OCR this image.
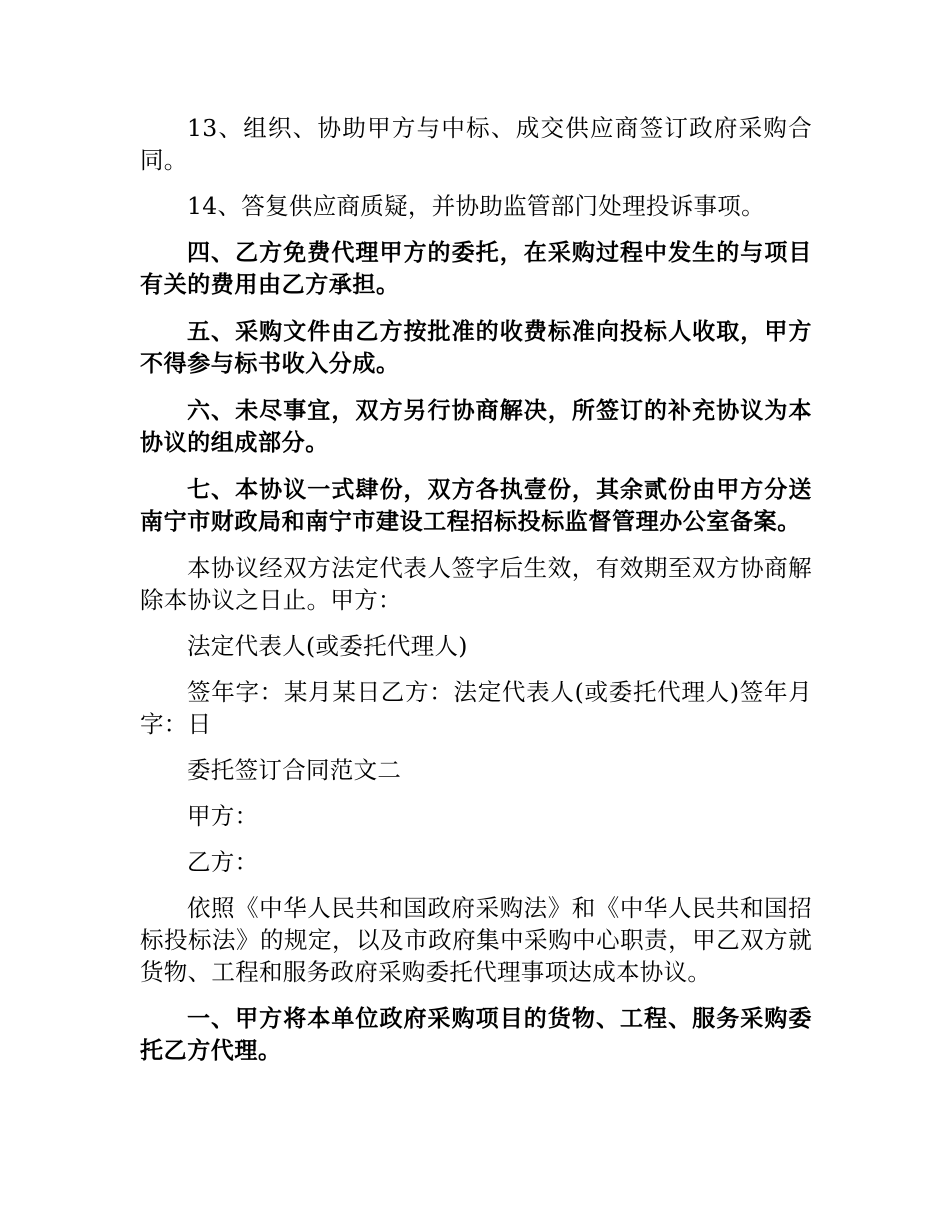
13、组织、协助甲方与中标、成交供应商签订政府采购合同。

14、答复供应商质疑，并协助监管部门处理投诉事项。

四、乙方免费代理甲方的委托，在采购过程中发生的与项目有关的费用由乙方承担。

五、采购文件由乙方按批准的收费标准向投标人收取，甲方不得参与标书收入分成。

六、未尽事宜，双方另行协商解决，所签订的补充协议为本协议的组成部分。

七、本协议一式肆份，双方各执壹份，其余贰份由甲方分送南宁市财政局和南宁市建设工程招标投标监督管理办公室备案。

本协议经双方法定代表人签字后生效，有效期至双方协商解除本协议之日止。甲方：

法定代表人(或委托代理人)

签年字：某月某日乙方：法定代表人(或委托代理人)签年月字：日

委托签订合同范文二

甲方：

乙方：

依照《中华人民共和国政府采购法》和《中华人民共和国招标投标法》的规定，以及市政府集中采购中心职责，甲乙双方就货物、工程和服务政府采购委托代理事项达成本协议。

一、甲方将本单位政府采购项目的货物、工程、服务采购委托乙方代理。
